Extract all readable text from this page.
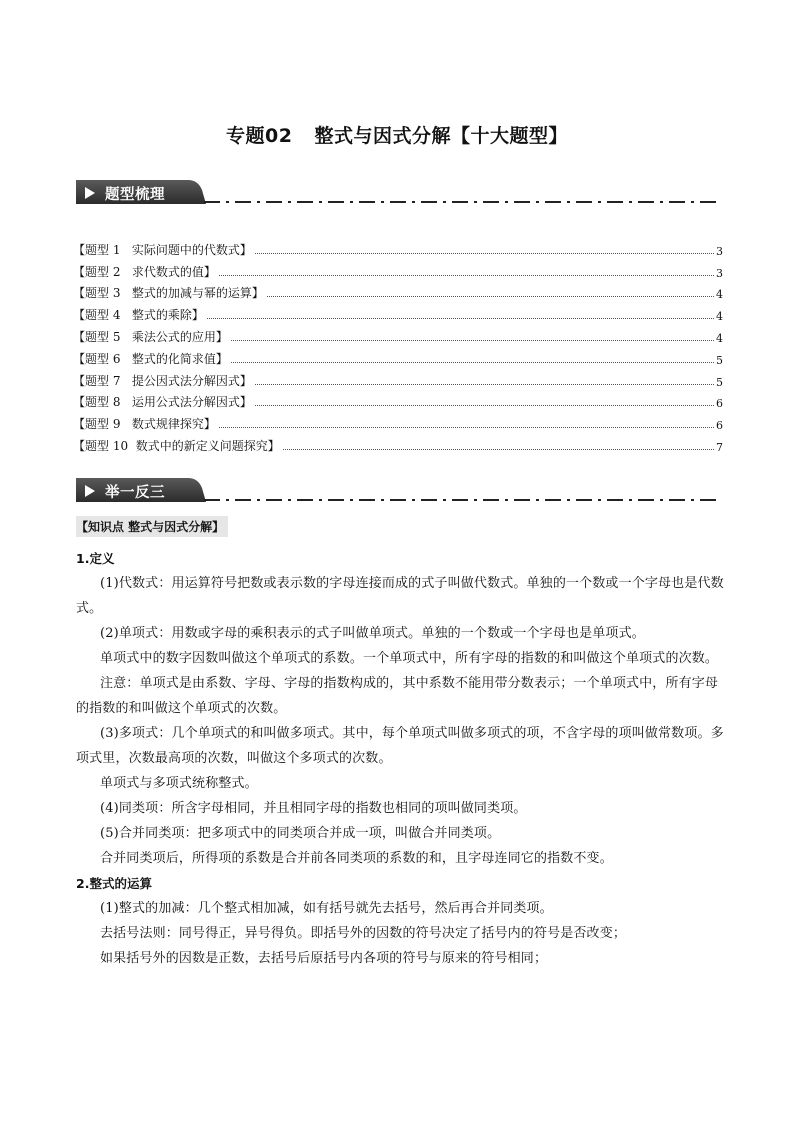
专题02 整式与因式分解【十大题型】
题型梳理
【题型 1   实际问题中的代数式】	3
【题型 2   求代数式的值】	3
【题型 3   整式的加减与幂的运算】	4
【题型 4   整式的乘除】	4
【题型 5   乘法公式的应用】	4
【题型 6   整式的化简求值】	5
【题型 7   提公因式法分解因式】	5
【题型 8   运用公式法分解因式】	6
【题型 9   数式规律探究】	6
【题型 10  数式中的新定义问题探究】	7
举一反三
【知识点 整式与因式分解】
1.定义
(1)代数式：用运算符号把数或表示数的字母连接而成的式子叫做代数式。单独的一个数或一个字母也是代数式。
(2)单项式：用数或字母的乘积表示的式子叫做单项式。单独的一个数或一个字母也是单项式。
单项式中的数字因数叫做这个单项式的系数。一个单项式中，所有字母的指数的和叫做这个单项式的次数。
注意：单项式是由系数、字母、字母的指数构成的，其中系数不能用带分数表示；一个单项式中，所有字母的指数的和叫做这个单项式的次数。
(3)多项式：几个单项式的和叫做多项式。其中，每个单项式叫做多项式的项，不含字母的项叫做常数项。多项式里，次数最高项的次数，叫做这个多项式的次数。
单项式与多项式统称整式。
(4)同类项：所含字母相同，并且相同字母的指数也相同的项叫做同类项。
(5)合并同类项：把多项式中的同类项合并成一项，叫做合并同类项。
合并同类项后，所得项的系数是合并前各同类项的系数的和，且字母连同它的指数不变。
2.整式的运算
(1)整式的加减：几个整式相加减，如有括号就先去括号，然后再合并同类项。
去括号法则：同号得正，异号得负。即括号外的因数的符号决定了括号内的符号是否改变；
如果括号外的因数是正数，去括号后原括号内各项的符号与原来的符号相同；
